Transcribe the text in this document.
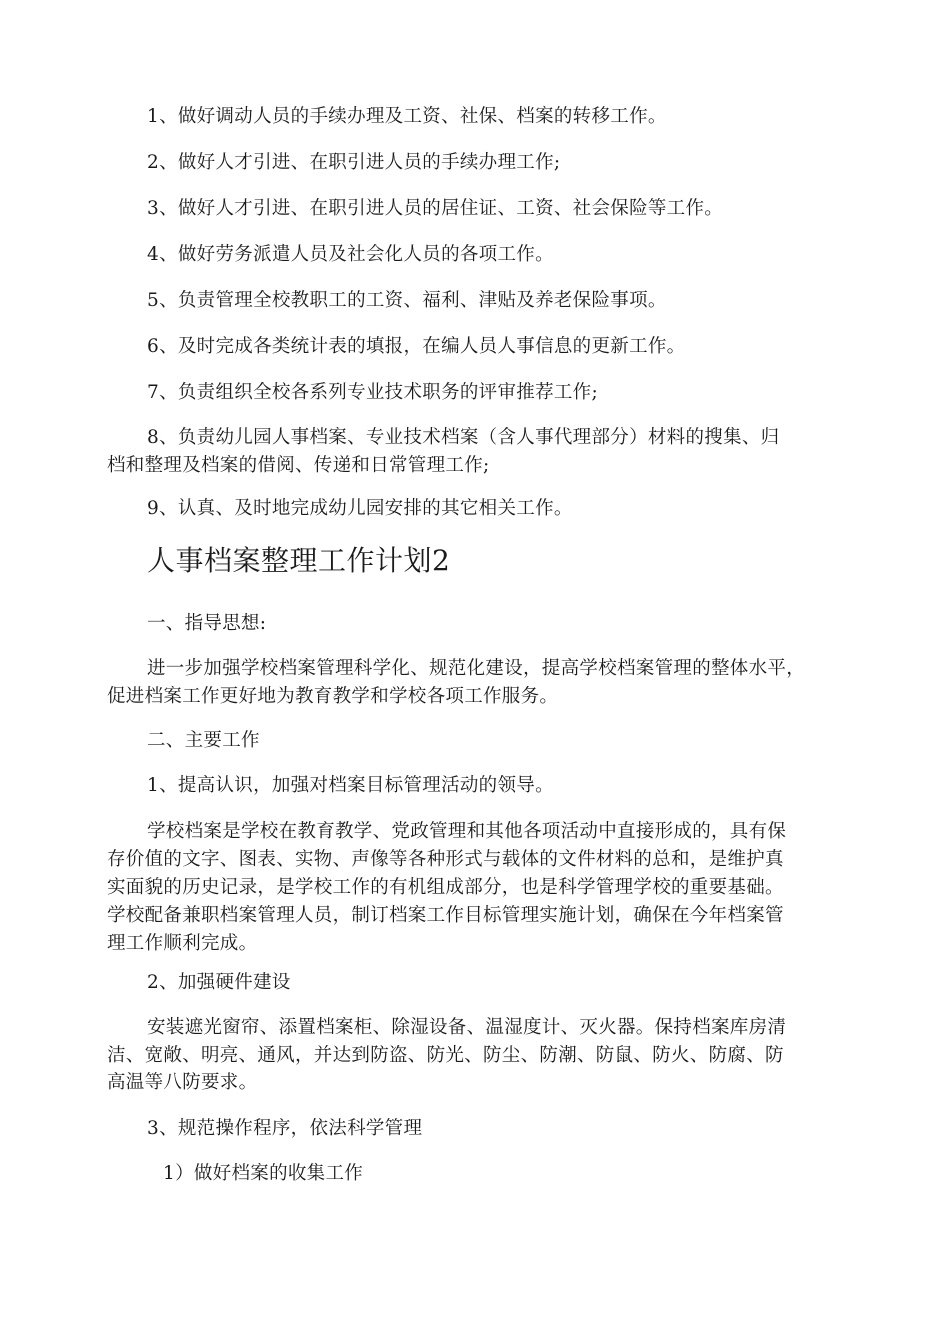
1、做好调动人员的手续办理及工资、社保、档案的转移工作。
2、做好人才引进、在职引进人员的手续办理工作;
3、做好人才引进、在职引进人员的居住证、工资、社会保险等工作。
4、做好劳务派遣人员及社会化人员的各项工作。
5、负责管理全校教职工的工资、福利、津贴及养老保险事项。
6、及时完成各类统计表的填报，在编人员人事信息的更新工作。
7、负责组织全校各系列专业技术职务的评审推荐工作;
8、负责幼儿园人事档案、专业技术档案（含人事代理部分）材料的搜集、归
档和整理及档案的借阅、传递和日常管理工作;
9、认真、及时地完成幼儿园安排的其它相关工作。
人事档案整理工作计划2
一、指导思想:
进一步加强学校档案管理科学化、规范化建设，提高学校档案管理的整体水平，
促进档案工作更好地为教育教学和学校各项工作服务。
二、主要工作
1、提高认识，加强对档案目标管理活动的领导。
学校档案是学校在教育教学、党政管理和其他各项活动中直接形成的，具有保
存价值的文字、图表、实物、声像等各种形式与载体的文件材料的总和，是维护真
实面貌的历史记录，是学校工作的有机组成部分，也是科学管理学校的重要基础。
学校配备兼职档案管理人员，制订档案工作目标管理实施计划，确保在今年档案管
理工作顺利完成。
2、加强硬件建设
安装遮光窗帘、添置档案柜、除湿设备、温湿度计、灭火器。保持档案库房清
洁、宽敞、明亮、通风，并达到防盗、防光、防尘、防潮、防鼠、防火、防腐、防
高温等八防要求。
3、规范操作程序，依法科学管理
1）做好档案的收集工作
